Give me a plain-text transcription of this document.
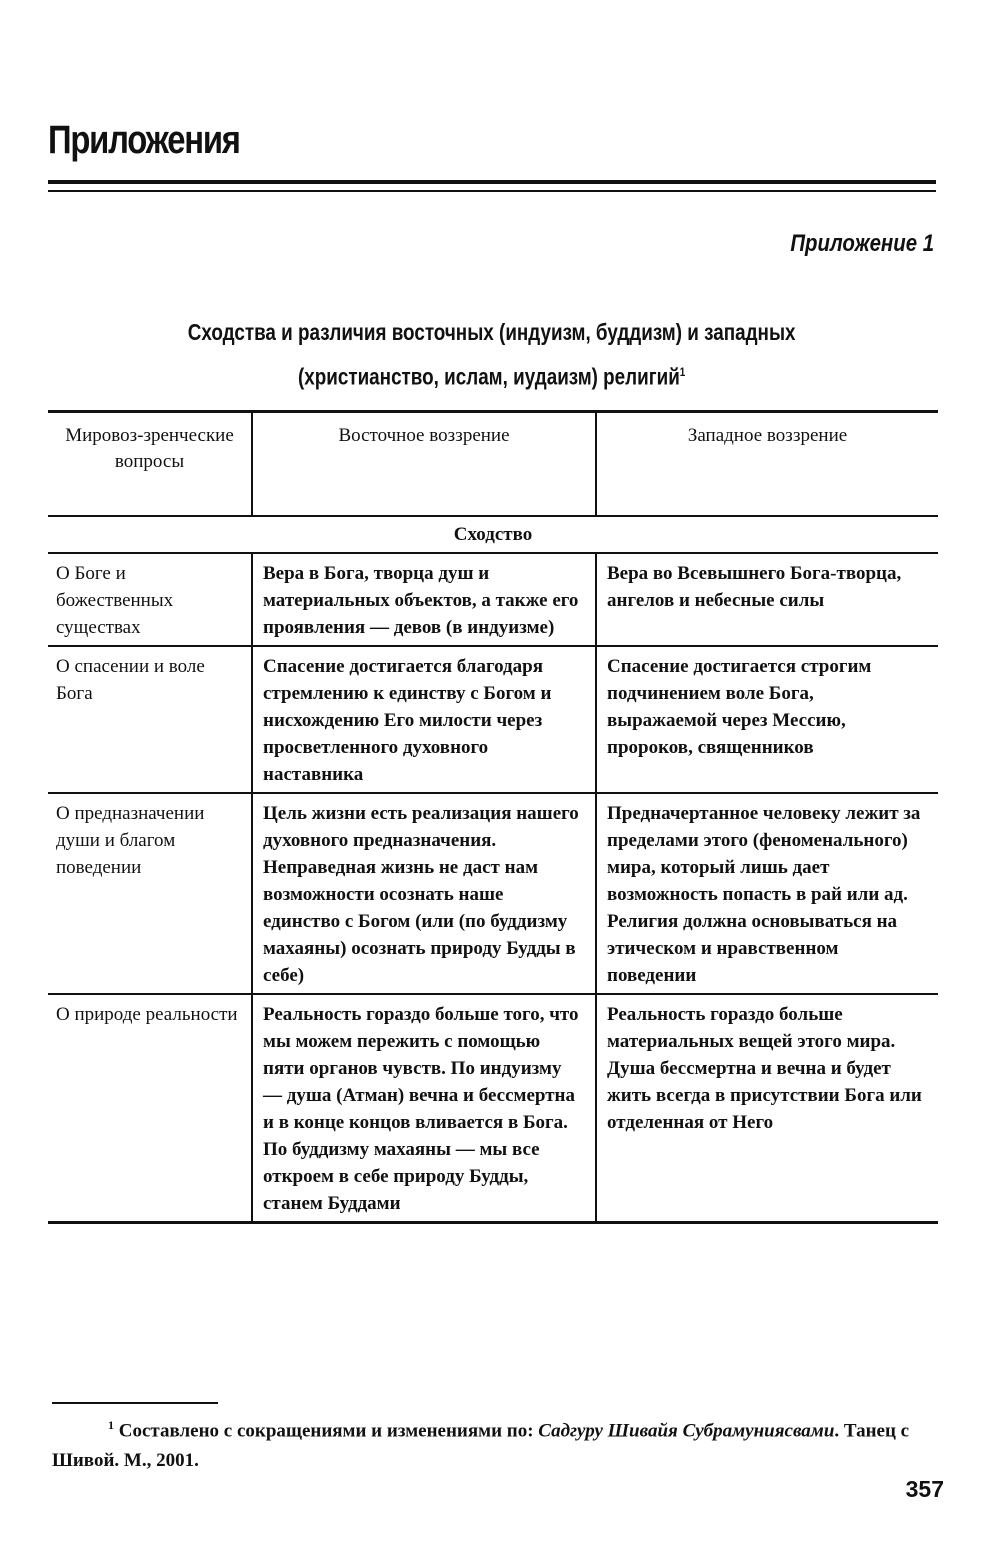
Приложения
Приложение 1
Сходства и различия восточных (индуизм, буддизм) и западных
(христианство, ислам, иудаизм) религий$^1$
Мировоз-зренческие вопросы	Восточное воззрение	Западное воззрение
Сходство		
О Боге и божественных существах	Вера в Бога, творца душ и материальных объектов, а также его проявления — девов (в индуизме)	Вера во Всевышнего Бога-творца, ангелов и небесные силы
О спасении и воле Бога	Спасение достигается благодаря стремлению к единству с Богом и нисхождению Его милости через просветленного духовного наставника	Спасение достигается строгим подчинением воле Бога, выражаемой через Мессию, пророков, священников
О предназначении души и благом поведении	Цель жизни есть реализация нашего духовного предназначения. Неправедная жизнь не даст нам возможности осознать наше единство с Богом (или (по буддизму махаяны) осознать природу Будды в себе)	Предначертанное человеку лежит за пределами этого (феноменального) мира, который лишь дает возможность попасть в рай или ад. Религия должна основываться на этическом и нравственном поведении
О природе реальности	Реальность гораздо больше того, что мы можем пережить с помощью пяти органов чувств. По индуизму — душа (Атман) вечна и бессмертна и в конце концов вливается в Бога. По буддизму махаяны — мы все откроем в себе природу Будды, станем Буддами	Реальность гораздо больше материальных вещей этого мира. Душа бессмертна и вечна и будет жить всегда в присутствии Бога или отделенная от Него
$^1$ Составлено с сокращениями и изменениями по: Садгуру Шивайя Субрамуниясвами. Танец с Шивой. М., 2001.
357
